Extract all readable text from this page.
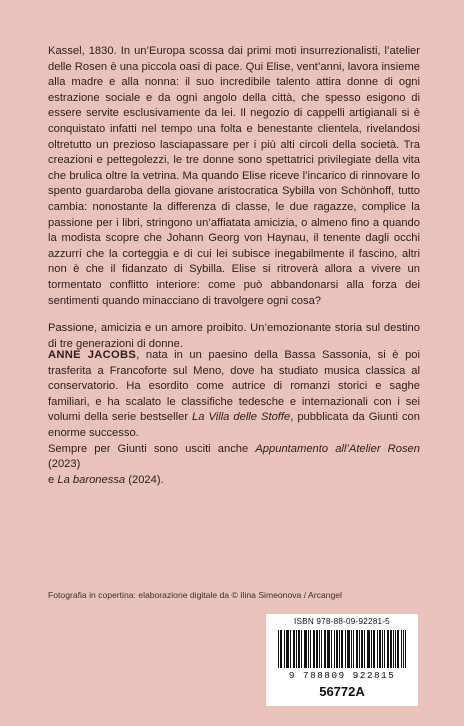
Kassel, 1830. In un’Europa scossa dai primi moti insurrezionalisti, l’atelier delle Rosen è una piccola oasi di pace. Qui Elise, vent’anni, lavora insieme alla madre e alla nonna: il suo incredibile talento attira donne di ogni estrazione sociale e da ogni angolo della città, che spesso esigono di essere servite esclusivamente da lei. Il negozio di cappelli artigianali si è conquistato infatti nel tempo una folta e benestante clientela, rivelandosi oltretutto un prezioso lasciapassare per i più alti circoli della società. Tra creazioni e pettegolezzi, le tre donne sono spettatrici privilegiate della vita che brulica oltre la vetrina. Ma quando Elise riceve l’incarico di rinnovare lo spento guardaroba della giovane aristocratica Sybilla von Schönhoff, tutto cambia: nonostante la differenza di classe, le due ragazze, complice la passione per i libri, stringono un’affiatata amicizia, o almeno fino a quando la modista scopre che Johann Georg von Haynau, il tenente dagli occhi azzurri che la corteggia e di cui lei subisce inegabilmente il fascino, altri non è che il fidanzato di Sybilla. Elise si ritroverà allora a vivere un tormentato conflitto interiore: come può abbandonarsi alla forza dei sentimenti quando minacciano di travolgere ogni cosa?

Passione, amicizia e un amore proibito. Un’emozionante storia sul destino di tre generazioni di donne.

ANNE JACOBS, nata in un paesino della Bassa Sassonia, si è poi trasferita a Francoforte sul Meno, dove ha studiato musica classica al conservatorio. Ha esordito come autrice di romanzi storici e saghe familiari, e ha scalato le classifiche tedesche e internazionali con i sei volumi della serie bestseller La Villa delle Stoffe, pubblicata da Giunti con enorme successo.

Sempre per Giunti sono usciti anche Appuntamento all’Atelier Rosen (2023)
e La baronessa (2024).

Fotografia in copertina: elaborazione digitale da © Ilina Simeonova / Arcangel
ISBN 978-88-09-92281-5
9 788809 922815
56772A
